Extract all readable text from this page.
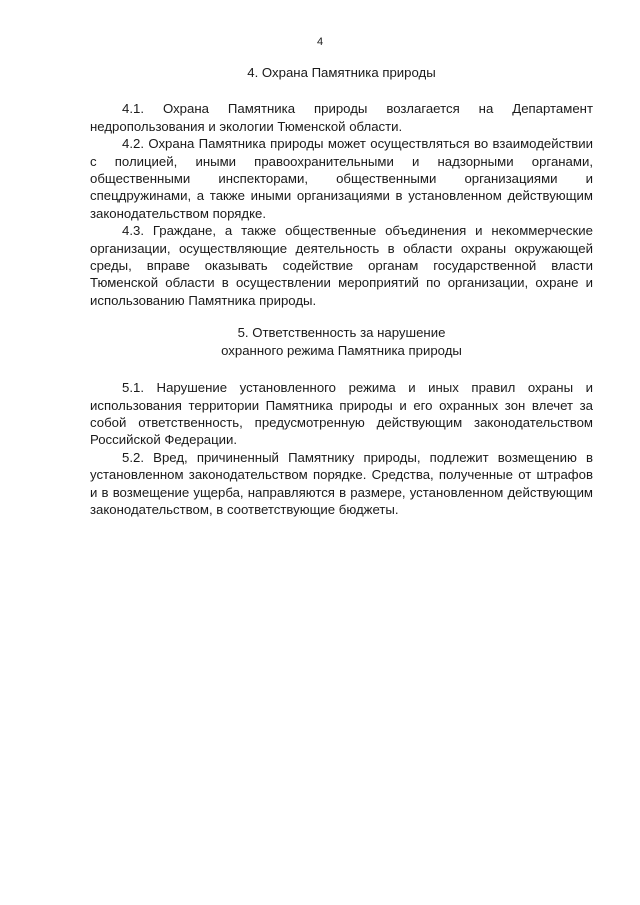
4
4. Охрана Памятника природы

4.1. Охрана Памятника природы возлагается на Департамент недропользования и экологии Тюменской области.

4.2. Охрана Памятника природы может осуществляться во взаимодействии с полицией, иными правоохранительными и надзорными органами, общественными инспекторами, общественными организациями и спецдружинами, а также иными организациями в установленном действующим законодательством порядке.

4.3. Граждане, а также общественные объединения и некоммерческие организации, осуществляющие деятельность в области охраны окружающей среды, вправе оказывать содействие органам государственной власти Тюменской области в осуществлении мероприятий по организации, охране и использованию Памятника природы.

5. Ответственность за нарушение
охранного режима Памятника природы

5.1. Нарушение установленного режима и иных правил охраны и использования территории Памятника природы и его охранных зон влечет за собой ответственность, предусмотренную действующим законодательством Российской Федерации.

5.2. Вред, причиненный Памятнику природы, подлежит возмещению в установленном законодательством порядке. Средства, полученные от штрафов и в возмещение ущерба, направляются в размере, установленном действующим законодательством, в соответствующие бюджеты.
